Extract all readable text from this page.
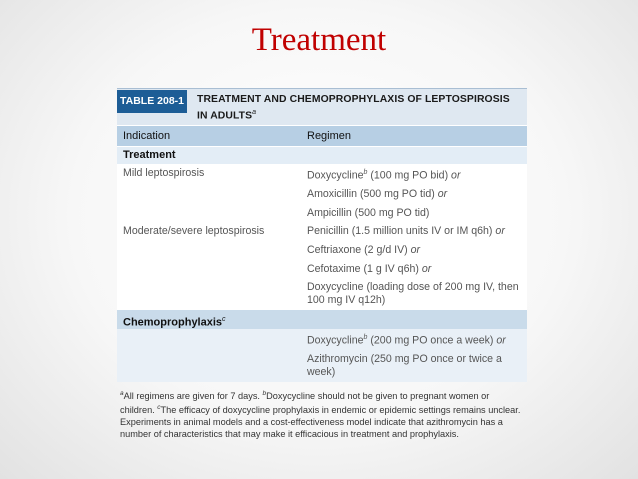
Treatment
TABLE 208-1 TREATMENT AND CHEMOPROPHYLAXIS OF LEPTOSPIROSIS
IN ADULTS$^a$
Indication	Regimen
Treatment
Mild leptospirosis	Doxycycline$^b$ (100 mg PO bid) or
Amoxicillin (500 mg PO tid) or
Ampicillin (500 mg PO tid)
Moderate/severe leptospirosis	Penicillin (1.5 million units IV or IM q6h) or
Ceftriaxone (2 g/d IV) or
Cefotaxime (1 g IV q6h) or
Doxycycline (loading dose of 200 mg IV, then 100 mg IV q12h)
Chemoprophylaxis$^c$
Doxycycline$^b$ (200 mg PO once a week) or
Azithromycin (250 mg PO once or twice a week)
$^a$All regimens are given for 7 days. $^b$Doxycycline should not be given to pregnant women or children. $^c$The efficacy of doxycycline prophylaxis in endemic or epidemic settings remains unclear. Experiments in animal models and a cost-effectiveness model indicate that azithromycin has a number of characteristics that may make it efficacious in treatment and prophylaxis.
